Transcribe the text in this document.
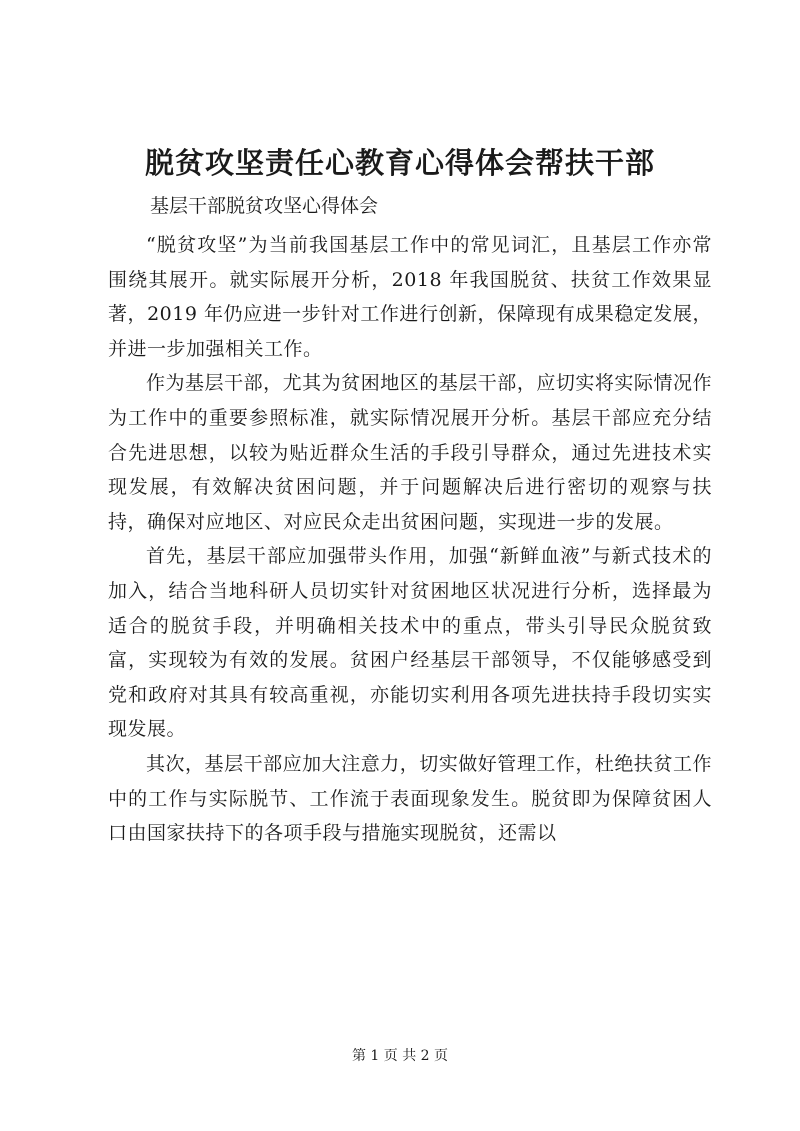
脱贫攻坚责任心教育心得体会帮扶干部

基层干部脱贫攻坚心得体会

“脱贫攻坚”为当前我国基层工作中的常见词汇，且基层工作亦常围绕其展开。就实际展开分析，2018 年我国脱贫、扶贫工作效果显著，2019 年仍应进一步针对工作进行创新，保障现有成果稳定发展，并进一步加强相关工作。

作为基层干部，尤其为贫困地区的基层干部，应切实将实际情况作为工作中的重要参照标准，就实际情况展开分析。基层干部应充分结合先进思想，以较为贴近群众生活的手段引导群众，通过先进技术实现发展，有效解决贫困问题，并于问题解决后进行密切的观察与扶持，确保对应地区、对应民众走出贫困问题，实现进一步的发展。

首先，基层干部应加强带头作用，加强“新鲜血液”与新式技术的加入，结合当地科研人员切实针对贫困地区状况进行分析，选择最为适合的脱贫手段，并明确相关技术中的重点，带头引导民众脱贫致富，实现较为有效的发展。贫困户经基层干部领导，不仅能够感受到党和政府对其具有较高重视，亦能切实利用各项先进扶持手段切实实现发展。

其次，基层干部应加大注意力，切实做好管理工作，杜绝扶贫工作中的工作与实际脱节、工作流于表面现象发生。脱贫即为保障贫困人口由国家扶持下的各项手段与措施实现脱贫，还需以

第 1 页 共 2 页
